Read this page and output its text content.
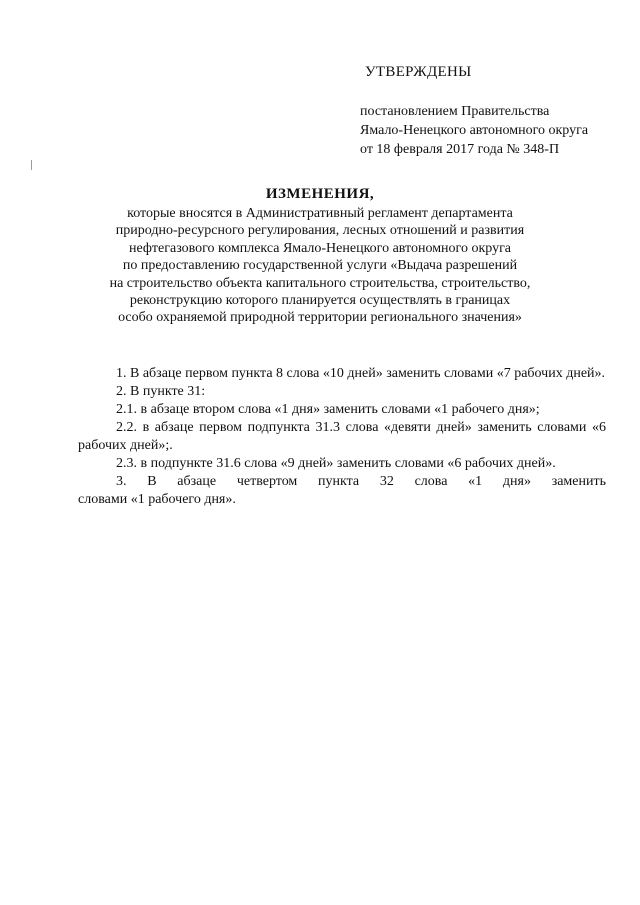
УТВЕРЖДЕНЫ
постановлением Правительства
Ямало-Ненецкого автономного округа
от 18 февраля 2017 года № 348-П
ИЗМЕНЕНИЯ,
которые вносятся в Административный регламент департамента
природно-ресурсного регулирования, лесных отношений и развития
нефтегазового комплекса Ямало-Ненецкого автономного округа
по предоставлению государственной услуги «Выдача разрешений
на строительство объекта капитального строительства, строительство,
реконструкцию которого планируется осуществлять в границах
особо охраняемой природной территории регионального значения»

1. В абзаце первом пункта 8 слова «10 дней» заменить словами «7 рабочих дней».

2. В пункте 31:

2.1. в абзаце втором слова «1 дня» заменить словами «1 рабочего дня»;

2.2. в абзаце первом подпункта 31.3 слова «девяти дней» заменить словами «6 рабочих дней»;.

2.3. в подпункте 31.6 слова «9 дней» заменить словами «6 рабочих дней».

3. В абзаце четвертом пункта 32 слова «1 дня» заменить

словами «1 рабочего дня».
